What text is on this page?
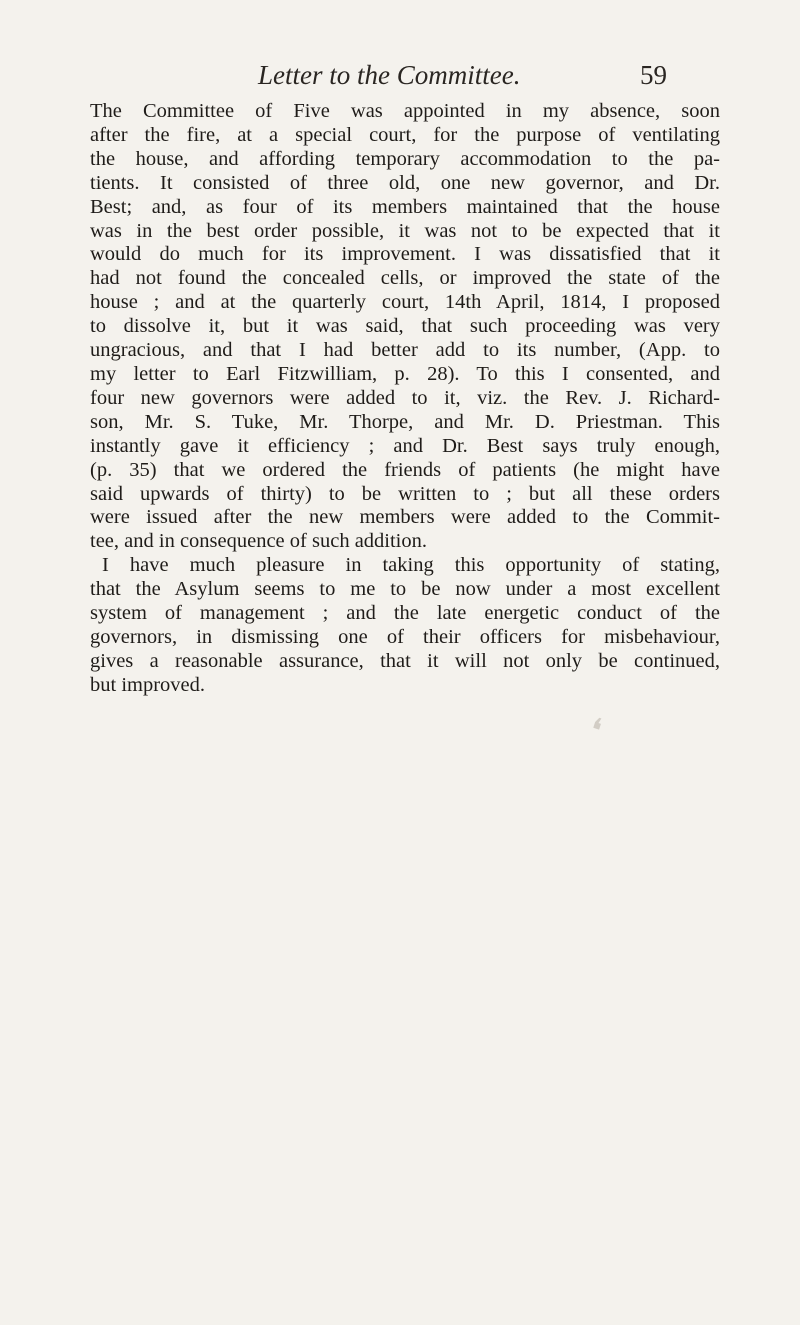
Letter to the Committee.	59
The Committee of Five was appointed in my absence, soon
after the fire, at a special court, for the purpose of ventilating
the house, and affording temporary accommodation to the pa-
tients. It consisted of three old, one new governor, and Dr.
Best; and, as four of its members maintained that the house
was in the best order possible, it was not to be expected that it
would do much for its improvement. I was dissatisfied that it
had not found the concealed cells, or improved the state of the
house ; and at the quarterly court, 14th April, 1814, I proposed
to dissolve it, but it was said, that such proceeding was very
ungracious, and that I had better add to its number, (App. to
my letter to Earl Fitzwilliam, p. 28). To this I consented, and
four new governors were added to it, viz. the Rev. J. Richard-
son, Mr. S. Tuke, Mr. Thorpe, and Mr. D. Priestman. This
instantly gave it efficiency ; and Dr. Best says truly enough,
(p. 35) that we ordered the friends of patients (he might have
said upwards of thirty) to be written to ; but all these orders
were issued after the new members were added to the Commit-
tee, and in consequence of such addition.
I have much pleasure in taking this opportunity of stating,
that the Asylum seems to me to be now under a most excellent
system of management ; and the late energetic conduct of the
governors, in dismissing one of their officers for misbehaviour,
gives a reasonable assurance, that it will not only be continued,
but improved.
❛
